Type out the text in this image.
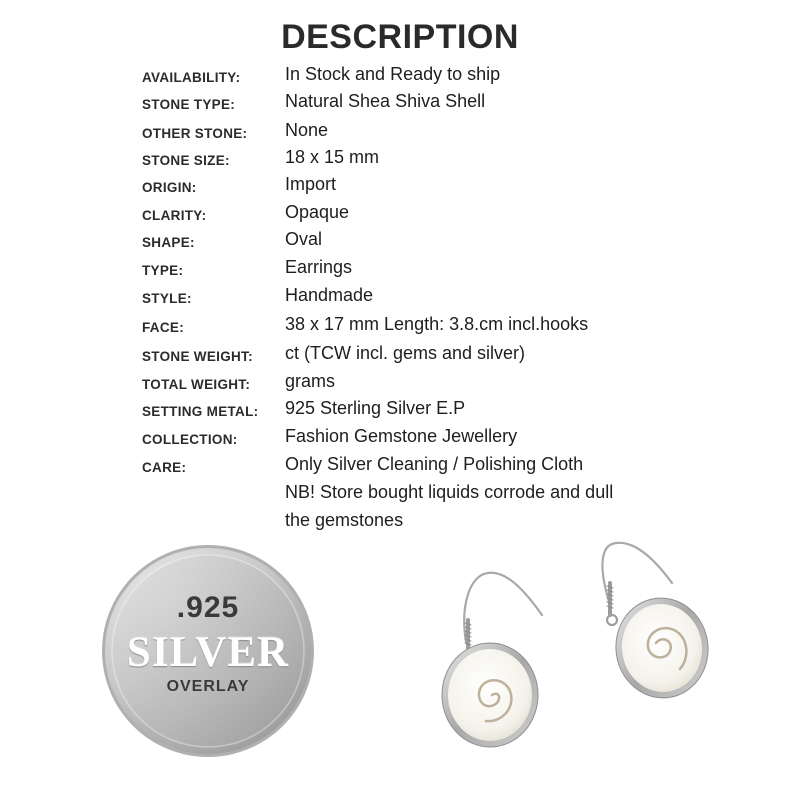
DESCRIPTION
AVAILABILITY: In Stock and Ready to ship
STONE TYPE:	Natural Shea Shiva Shell
OTHER STONE: None
STONE SIZE:	18 x 15 mm
ORIGIN:	Import
CLARITY:	Opaque
SHAPE:	Oval
TYPE:	Earrings
STYLE:	Handmade
FACE:	38 x 17 mm Length: 3.8.cm incl.hooks
STONE WEIGHT: ct (TCW incl. gems and silver)
TOTAL WEIGHT: grams
SETTING METAL: 925 Sterling Silver E.P
COLLECTION:	Fashion Gemstone Jewellery
CARE:	Only Silver Cleaning / Polishing Cloth
NB! Store bought liquids corrode and dull
the gemstones
.925
SILVER
OVERLAY
